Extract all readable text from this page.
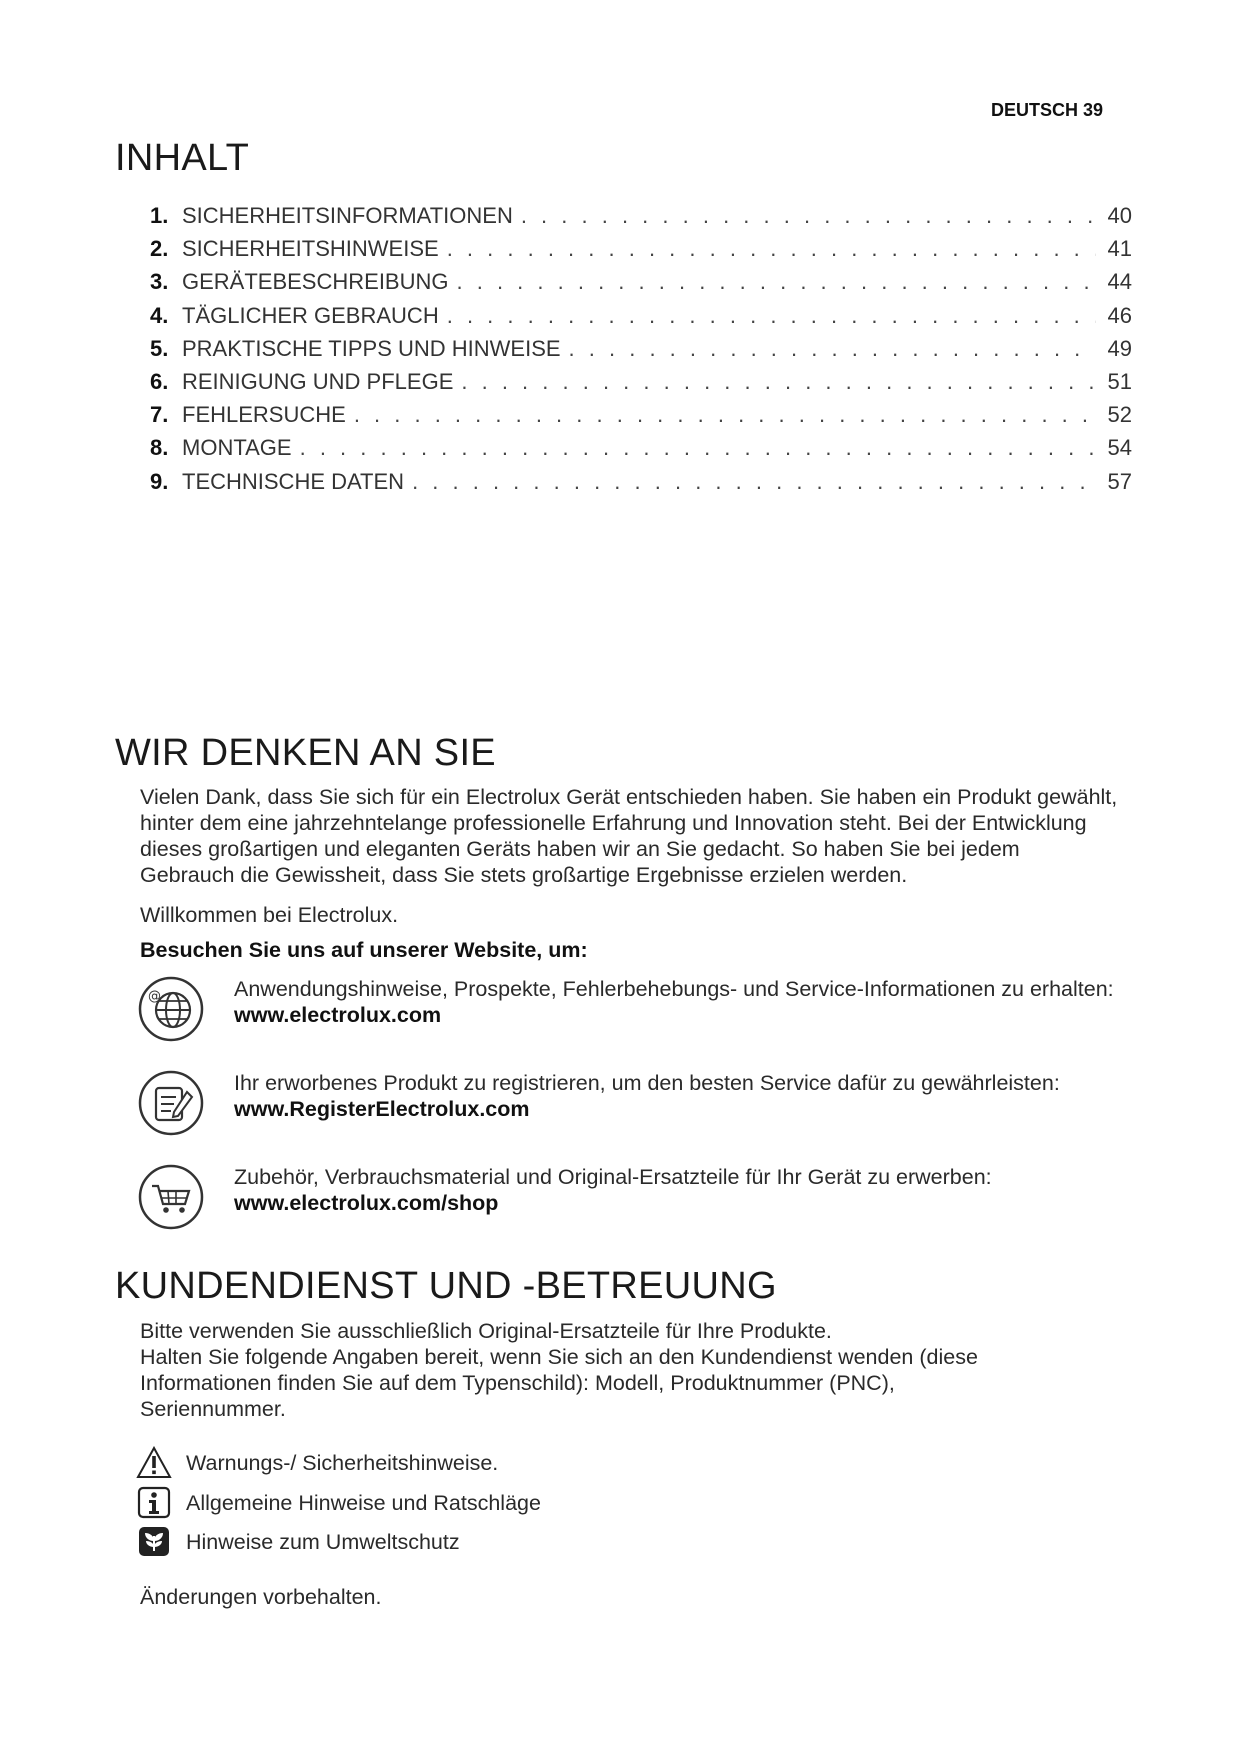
DEUTSCH 39
INHALT
1. SICHERHEITSINFORMATIONEN . . .	40
2. SICHERHEITSHINWEISE . . .	41
3. GERÄTEBESCHREIBUNG . . .	44
4. TÄGLICHER GEBRAUCH . . .	46
5. PRAKTISCHE TIPPS UND HINWEISE . . .	49
6. REINIGUNG UND PFLEGE . . .	51
7. FEHLERSUCHE . . .	52
8. MONTAGE . . .	54
9. TECHNISCHE DATEN . . .	57
WIR DENKEN AN SIE
Vielen Dank, dass Sie sich für ein Electrolux Gerät entschieden haben. Sie haben ein Produkt gewählt, hinter dem eine jahrzehntelange professionelle Erfahrung und Innovation steht. Bei der Entwicklung dieses großartigen und eleganten Geräts haben wir an Sie gedacht. So haben Sie bei jedem Gebrauch die Gewissheit, dass Sie stets großartige Ergebnisse erzielen werden.
Willkommen bei Electrolux.
Besuchen Sie uns auf unserer Website, um:
@	Anwendungshinweise, Prospekte, Fehlerbehebungs- und Service-Informationen zu erhalten:
www.electrolux.com
Ihr erworbenes Produkt zu registrieren, um den besten Service dafür zu gewährleisten:
www.RegisterElectrolux.com
Zubehör, Verbrauchsmaterial und Original-Ersatzteile für Ihr Gerät zu erwerben:
www.electrolux.com/shop
KUNDENDIENST UND -BETREUUNG
Bitte verwenden Sie ausschließlich Original-Ersatzteile für Ihre Produkte.
Halten Sie folgende Angaben bereit, wenn Sie sich an den Kundendienst wenden (diese Informationen finden Sie auf dem Typenschild): Modell, Produktnummer (PNC), Seriennummer.
Warnungs-/ Sicherheitshinweise.
Allgemeine Hinweise und Ratschläge
Hinweise zum Umweltschutz
Änderungen vorbehalten.
